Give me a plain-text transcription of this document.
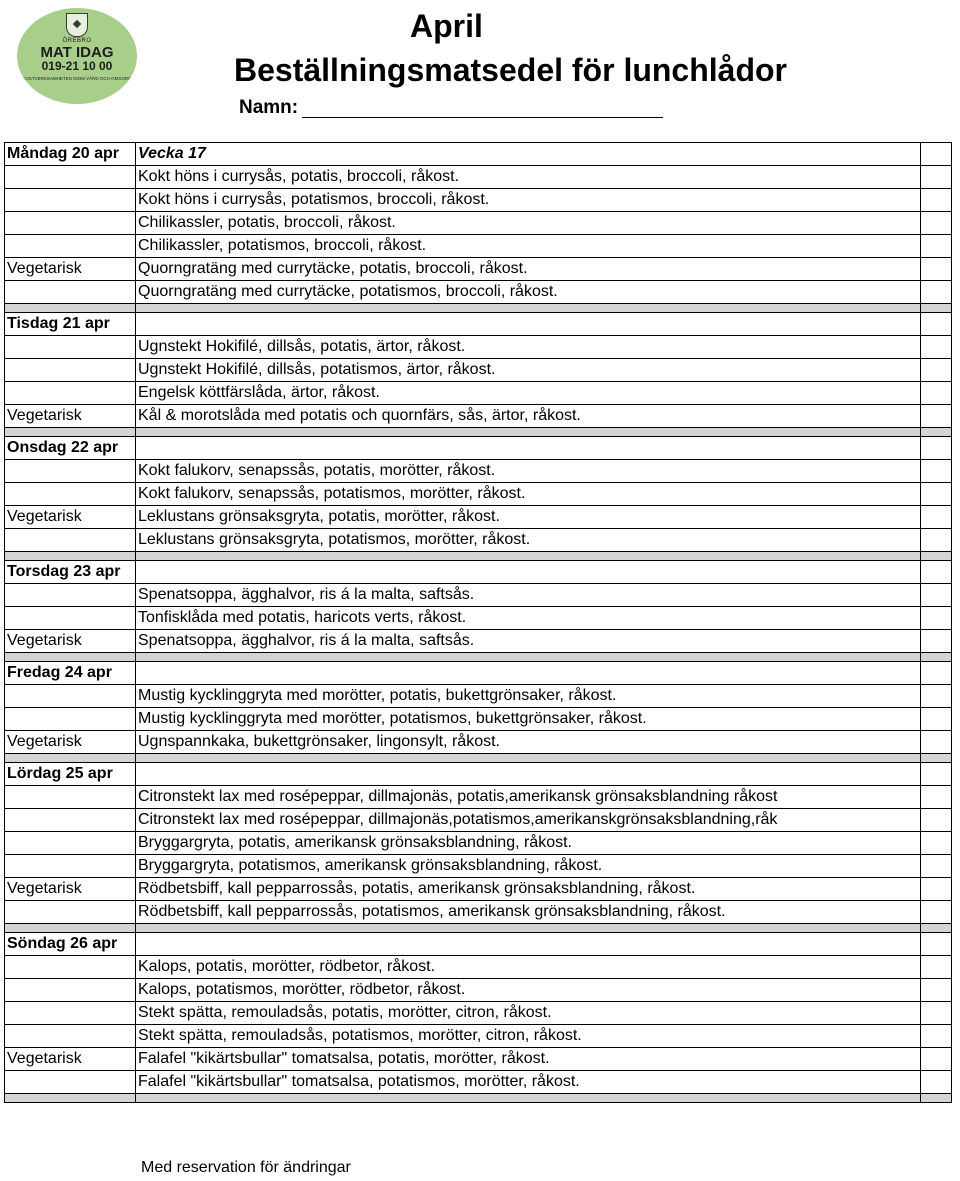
ÖREBRO
MAT IDAG
019-21 10 00
KOSTVERKSAMHETEN INOM VÅRD OCH OMSORG
April
Beställningsmatsedel för lunchlådor
Namn:
Måndag 20 apr	Vecka 17	
	Kokt höns i currysås, potatis, broccoli, råkost.	
	Kokt höns i currysås, potatismos, broccoli, råkost.	
	Chilikassler, potatis, broccoli, råkost.	
	Chilikassler, potatismos, broccoli, råkost.	
Vegetarisk	Quorngratäng med currytäcke, potatis, broccoli, råkost.	
	Quorngratäng med currytäcke, potatismos, broccoli, råkost.	

Tisdag 21 apr		
	Ugnstekt Hokifilé, dillsås, potatis, ärtor, råkost.	
	Ugnstekt Hokifilé, dillsås, potatismos, ärtor, råkost.	
	Engelsk köttfärslåda, ärtor, råkost.	
Vegetarisk	Kål & morotslåda med potatis och quornfärs, sås, ärtor, råkost.	

Onsdag 22 apr		
	Kokt falukorv, senapssås, potatis, morötter, råkost.	
	Kokt falukorv, senapssås, potatismos, morötter, råkost.	
Vegetarisk	Leklustans grönsaksgryta, potatis, morötter, råkost.	
	Leklustans grönsaksgryta, potatismos, morötter, råkost.	

Torsdag 23 apr		
	Spenatsoppa, ägghalvor, ris á la malta, saftsås.	
	Tonfisklåda med potatis, haricots verts, råkost.	
Vegetarisk	Spenatsoppa, ägghalvor, ris á la malta, saftsås.	

Fredag 24 apr		
	Mustig kycklinggryta med morötter, potatis, bukettgrönsaker, råkost.	
	Mustig kycklinggryta med morötter, potatismos, bukettgrönsaker, råkost.	
Vegetarisk	Ugnspannkaka, bukettgrönsaker, lingonsylt, råkost.	

Lördag 25 apr		
	Citronstekt lax med rosépeppar, dillmajonäs, potatis,amerikansk grönsaksblandning råkost	
	Citronstekt lax med rosépeppar, dillmajonäs,potatismos,amerikanskgrönsaksblandning,råk	
	Bryggargryta, potatis, amerikansk grönsaksblandning, råkost.	
	Bryggargryta, potatismos, amerikansk grönsaksblandning, råkost.	
Vegetarisk	Rödbetsbiff, kall pepparrossås, potatis, amerikansk grönsaksblandning, råkost.	
	Rödbetsbiff, kall pepparrossås, potatismos, amerikansk grönsaksblandning, råkost.	

Söndag 26 apr		
	Kalops, potatis, morötter, rödbetor, råkost.	
	Kalops, potatismos, morötter, rödbetor, råkost.	
	Stekt spätta, remouladsås, potatis, morötter, citron, råkost.	
	Stekt spätta, remouladsås, potatismos, morötter, citron, råkost.	
Vegetarisk	Falafel "kikärtsbullar" tomatsalsa, potatis, morötter, råkost.	
	Falafel "kikärtsbullar" tomatsalsa, potatismos, morötter, råkost.	

Med reservation för ändringar
